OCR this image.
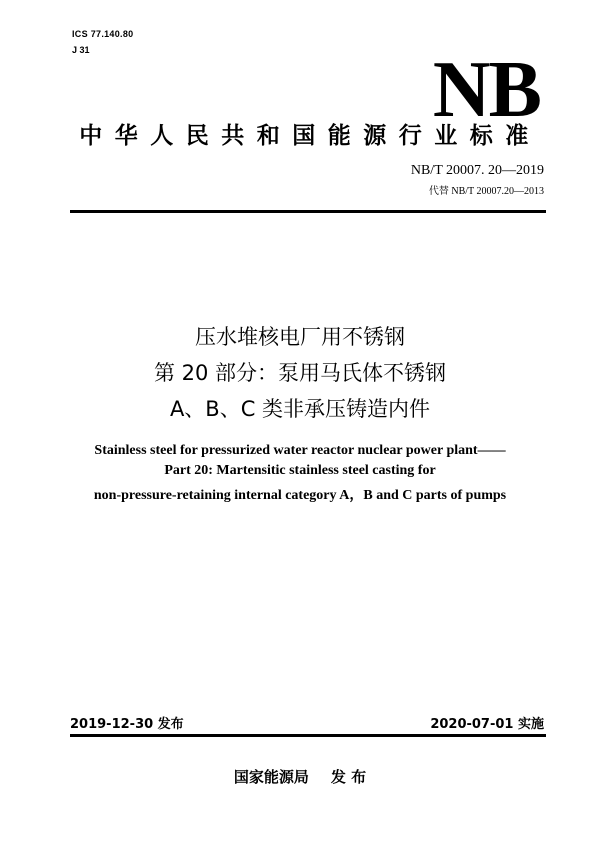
ICS 77.140.80
J 31	NB
中华人民共和国能源行业标准
NB/T 20007. 20—2019
代替 NB/T 20007.20—2013
压水堆核电厂用不锈钢
第 20 部分：泵用马氏体不锈钢
A、B、C 类非承压铸造内件
Stainless steel for pressurized water reactor nuclear power plant——
Part 20: Martensitic stainless steel casting for
non-pressure-retaining internal category A，B and C parts of pumps
2019-12-30 发布	2020-07-01 实施
国家能源局 发 布
